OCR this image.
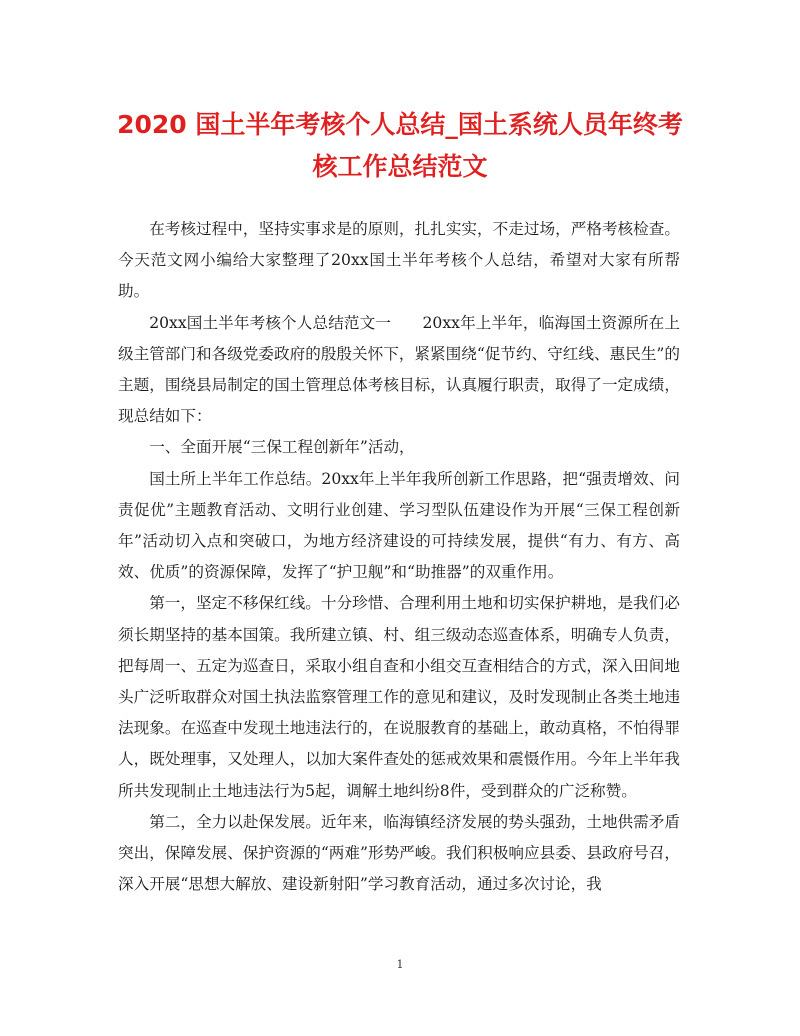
2020 国土半年考核个人总结_国土系统人员年终考核工作总结范文

在考核过程中，坚持实事求是的原则，扎扎实实，不走过场，严格考核检查。今天范文网小编给大家整理了20xx国土半年考核个人总结，希望对大家有所帮助。

20xx国土半年考核个人总结范文一　　20xx年上半年，临海国土资源所在上级主管部门和各级党委政府的殷殷关怀下，紧紧围绕“促节约、守红线、惠民生”的主题，围绕县局制定的国土管理总体考核目标，认真履行职责，取得了一定成绩，现总结如下：

一、全面开展“三保工程创新年”活动，

国土所上半年工作总结。20xx年上半年我所创新工作思路，把“强责增效、问责促优”主题教育活动、文明行业创建、学习型队伍建设作为开展“三保工程创新年”活动切入点和突破口，为地方经济建设的可持续发展，提供“有力、有方、高效、优质”的资源保障，发挥了“护卫舰”和“助推器”的双重作用。

第一，坚定不移保红线。十分珍惜、合理利用土地和切实保护耕地，是我们必须长期坚持的基本国策。我所建立镇、村、组三级动态巡查体系，明确专人负责，把每周一、五定为巡查日，采取小组自查和小组交互查相结合的方式，深入田间地头广泛听取群众对国土执法监察管理工作的意见和建议，及时发现制止各类土地违法现象。在巡查中发现土地违法行的，在说服教育的基础上，敢动真格，不怕得罪人，既处理事，又处理人，以加大案件查处的惩戒效果和震慑作用。今年上半年我所共发现制止土地违法行为5起，调解土地纠纷8件，受到群众的广泛称赞。

第二，全力以赴保发展。近年来，临海镇经济发展的势头强劲，土地供需矛盾突出，保障发展、保护资源的“两难”形势严峻。我们积极响应县委、县政府号召，深入开展“思想大解放、建设新射阳”学习教育活动，通过多次讨论，我

1
